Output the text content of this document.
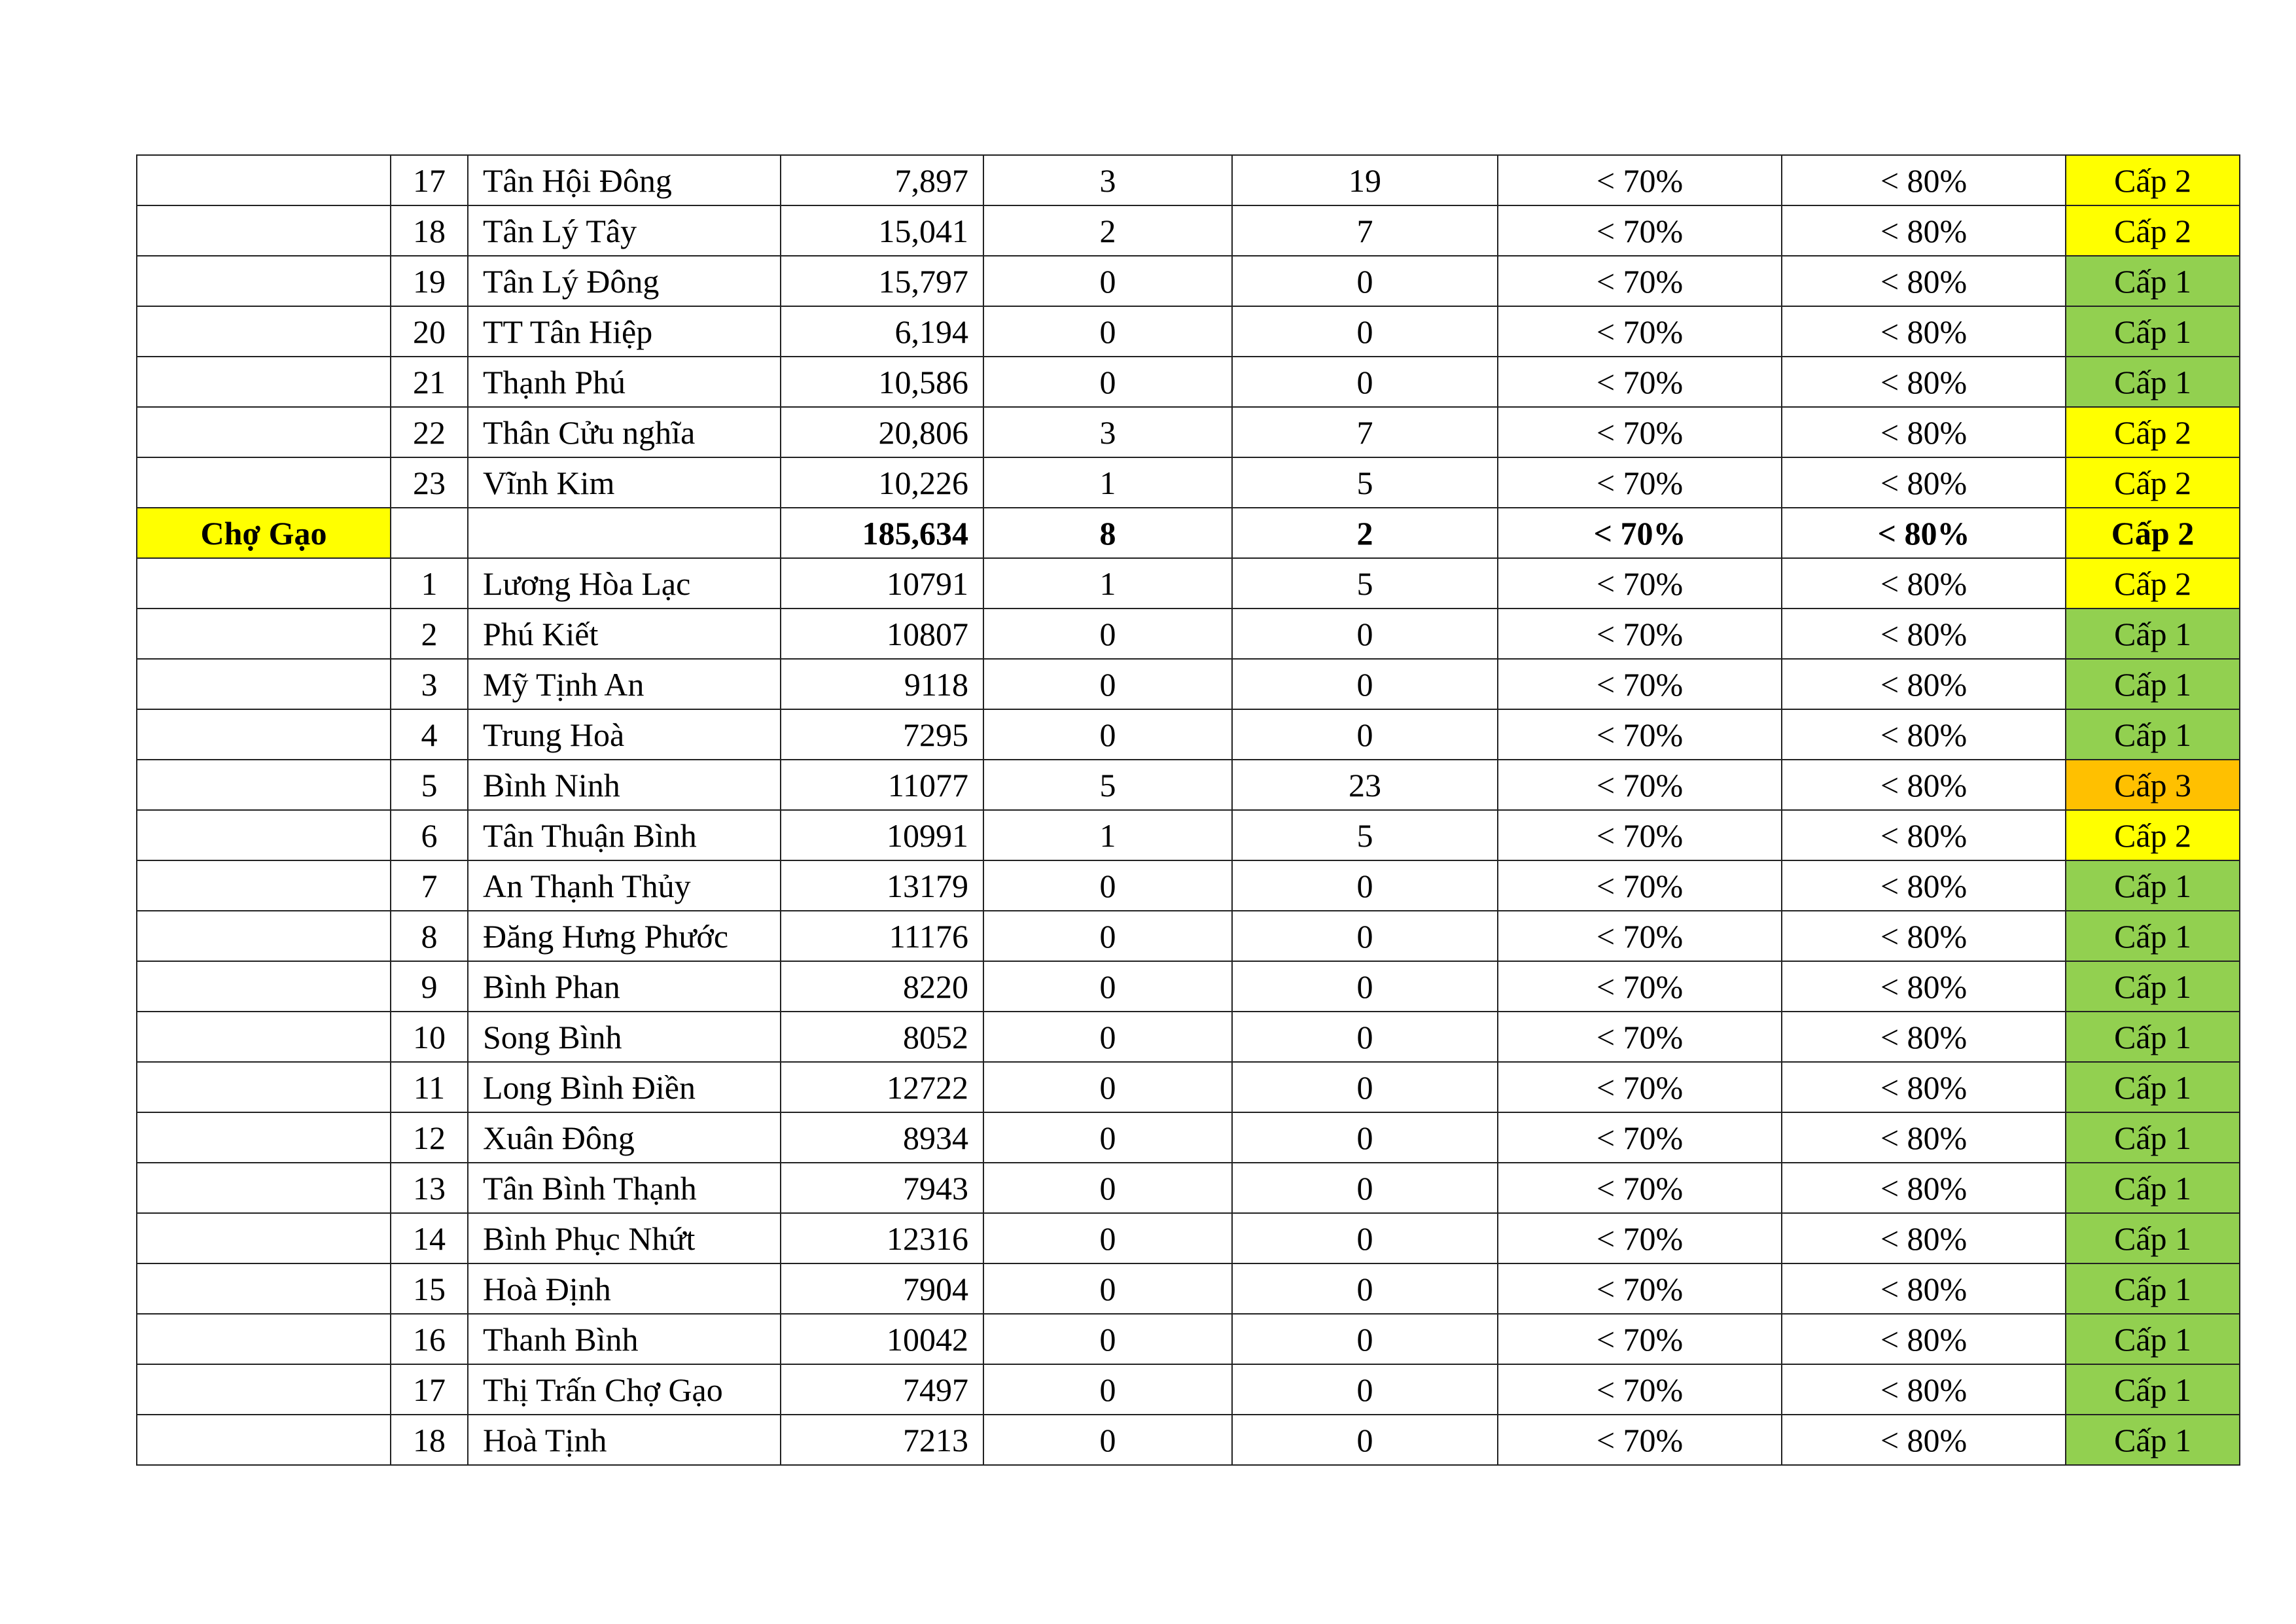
	17	Tân Hội Đông	7,897	3	19	< 70%	< 80%	Cấp 2
	18	Tân Lý Tây	15,041	2	7	< 70%	< 80%	Cấp 2
	19	Tân Lý Đông	15,797	0	0	< 70%	< 80%	Cấp 1
	20	TT Tân Hiệp	6,194	0	0	< 70%	< 80%	Cấp 1
	21	Thạnh Phú	10,586	0	0	< 70%	< 80%	Cấp 1
	22	Thân Cửu nghĩa	20,806	3	7	< 70%	< 80%	Cấp 2
	23	Vĩnh Kim	10,226	1	5	< 70%	< 80%	Cấp 2
Chợ Gạo			185,634	8	2	< 70%	< 80%	Cấp 2
	1	Lương Hòa Lạc	10791	1	5	< 70%	< 80%	Cấp 2
	2	Phú Kiết	10807	0	0	< 70%	< 80%	Cấp 1
	3	Mỹ Tịnh An	9118	0	0	< 70%	< 80%	Cấp 1
	4	Trung Hoà	7295	0	0	< 70%	< 80%	Cấp 1
	5	Bình Ninh	11077	5	23	< 70%	< 80%	Cấp 3
	6	Tân Thuận Bình	10991	1	5	< 70%	< 80%	Cấp 2
	7	An Thạnh Thủy	13179	0	0	< 70%	< 80%	Cấp 1
	8	Đăng Hưng Phước	11176	0	0	< 70%	< 80%	Cấp 1
	9	Bình Phan	8220	0	0	< 70%	< 80%	Cấp 1
	10	Song Bình	8052	0	0	< 70%	< 80%	Cấp 1
	11	Long Bình Điền	12722	0	0	< 70%	< 80%	Cấp 1
	12	Xuân Đông	8934	0	0	< 70%	< 80%	Cấp 1
	13	Tân Bình Thạnh	7943	0	0	< 70%	< 80%	Cấp 1
	14	Bình Phục Nhứt	12316	0	0	< 70%	< 80%	Cấp 1
	15	Hoà Định	7904	0	0	< 70%	< 80%	Cấp 1
	16	Thanh Bình	10042	0	0	< 70%	< 80%	Cấp 1
	17	Thị Trấn Chợ Gạo	7497	0	0	< 70%	< 80%	Cấp 1
	18	Hoà Tịnh	7213	0	0	< 70%	< 80%	Cấp 1
